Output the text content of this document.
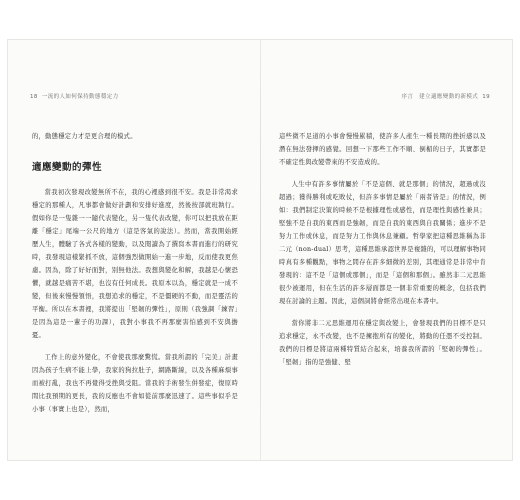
18 一流的人如何保持動態穩定力

的，動態穩定力才是更合理的模式。

適應變動的彈性

當我初次發現改變無所不在，我的心裡感到很不安。我是非常渴求穩定的那種人，凡事都會做好計劃和安排好進度，然後按部就班執行。假如你是一隻雜一一隨代表變化，另一隻代表改變，你可以把我放在距離「穩定」尾端一公尺的地方（這是客氣的說法）。然而，當我開始經歷人生，體驗了各式各樣的變動，以及閱讀為了撰寫本書而進行的研究時，我發現這樣緊抓不放，這個強烈做開始一進一步地，反而使我更焦慮。因為，除了好好面對，別無他法。我想與變化和解，我越是心懷恐懼，就越是痛苦不堪，也沒有任何成長。我原本以為，穩定就是一成不變，但後來慢慢領悟，我想追求的穩定，不是僵硬的不動，而是靈活的平衡。所以在本書裡，我將提出「堅韌的彈性」，原則（我強調「練習」是因為這是一輩子的功課），我對小事我不再那麼害怕感到不安與擔憂。

工作上的意外變化，不會使我那麼驚慌。當我所謂的「完美」計畫因為孩子生病不能上學，我家的狗拉肚子，網路斷線，以及各種麻煩事而被打亂，我也不再覺得受挫與受阻。當我的手術發生併發症，復原時間比我預期的更長，我的反應也不會如從前那麼迅速了。這些事似乎是小事（事實上也是），然而，

序言　建立適應變動的新模式 19

這些微不足道的小事會慢慢累積，使許多人產生一種長期的挫折感以及潛在無法發揮的感覺。回想一下那些工作不順、倒楣的日子，其實都是不確定性與改變帶來的不安造成的。

人生中有許多事情屬於「不是這個、就是那個」的情況，超過或沒超過；獲得勝利或吃敗仗，但許多事情是屬於「兩者皆是」的情況，例如：我們制定決策的時候不是根據理性或感性，而是理性與感性兼具；堅強不是自我的東西而是強韌，而是自我的東西與自我關係；進步不是努力工作或休息，而是努力工作與休息兼顧。哲學家把這種思維稱為非二元（non-dual）思考，這種思維承認世界是複雜的，可以理解事物同時真有多種觀點，事物之間存在許多細微的差別，其理通常是非常中肯發現的：這不是「這個或那個」，而是「這個和那個」。雖然非二元思維很少被運用，但在生活的許多層面都是一個非常重要的概念，包括我們現在討論的主題。因此，這個詞將會經常出現在本書中。

當你將非二元思維運用在穩定與改變上，會發現我們的目標不是只追求穩定，永不改變，也不是擁抱所有的變化，將動的任憑不受控制。我們的目標是將這兩種特質結合起來，培養我所謂的「堅韌的彈性」。「堅韌」指的是強健、堅
